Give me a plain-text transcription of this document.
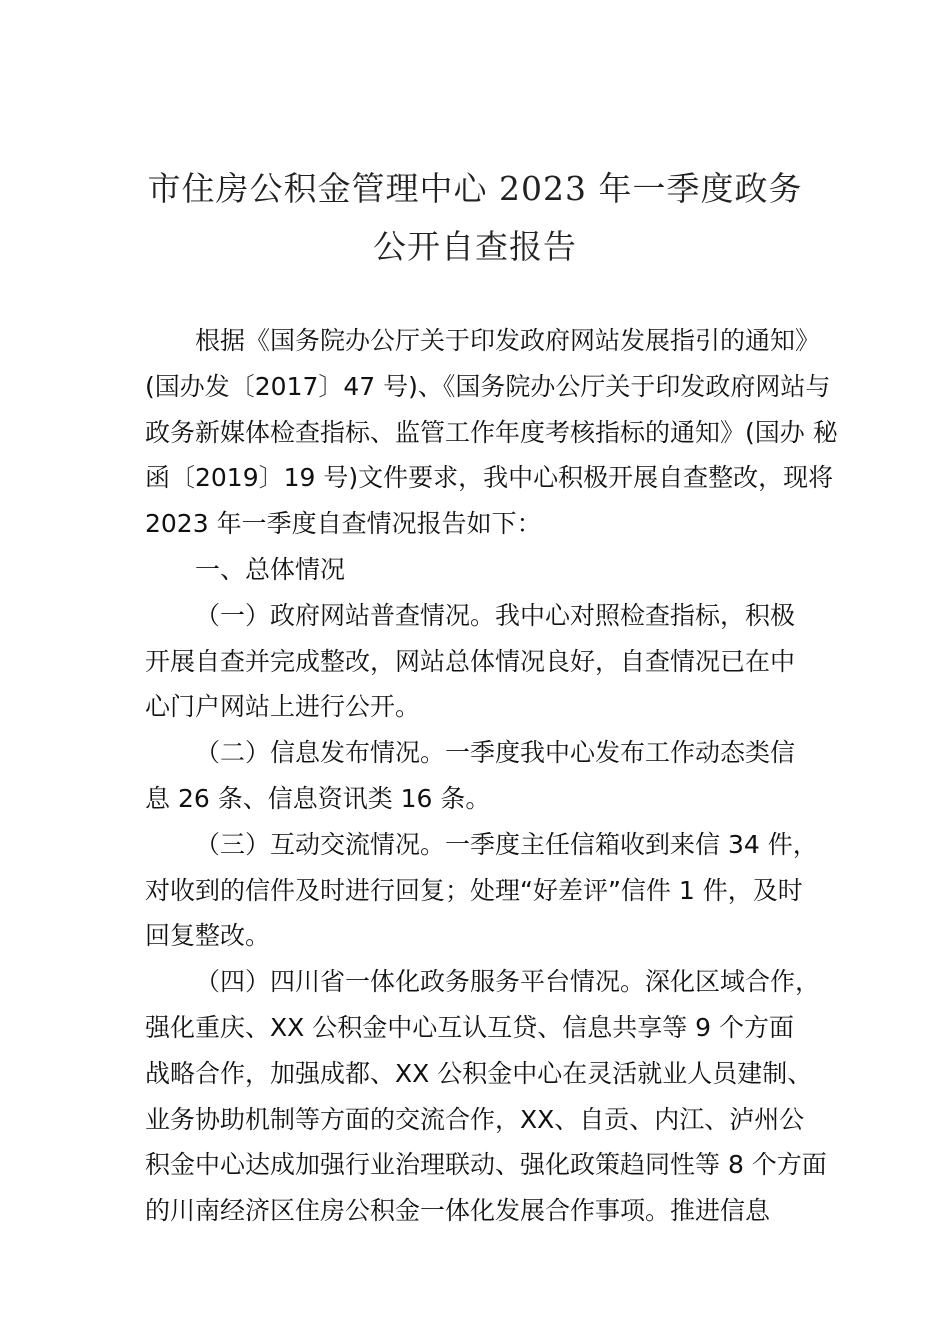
市住房公积金管理中心 2023 年一季度政务
公开自查报告

根据《国务院办公厅关于印发政府网站发展指引的通知》
(国办发〔2017〕47 号)、《国务院办公厅关于印发政府网站与
政务新媒体检查指标、监管工作年度考核指标的通知》(国办 秘
函〔2019〕19 号)文件要求，我中心积极开展自查整改，现将
2023 年一季度自查情况报告如下：

一、总体情况

（一）政府网站普查情况。我中心对照检查指标，积极
开展自查并完成整改，网站总体情况良好，自查情况已在中
心门户网站上进行公开。

（二）信息发布情况。一季度我中心发布工作动态类信
息 26 条、信息资讯类 16 条。

（三）互动交流情况。一季度主任信箱收到来信 34 件，
对收到的信件及时进行回复；处理“好差评”信件 1 件，及时
回复整改。

（四）四川省一体化政务服务平台情况。深化区域合作，
强化重庆、XX 公积金中心互认互贷、信息共享等 9 个方面
战略合作，加强成都、XX 公积金中心在灵活就业人员建制、
业务协助机制等方面的交流合作，XX、自贡、内江、泸州公
积金中心达成加强行业治理联动、强化政策趋同性等 8 个方面
的川南经济区住房公积金一体化发展合作事项。推进信息
